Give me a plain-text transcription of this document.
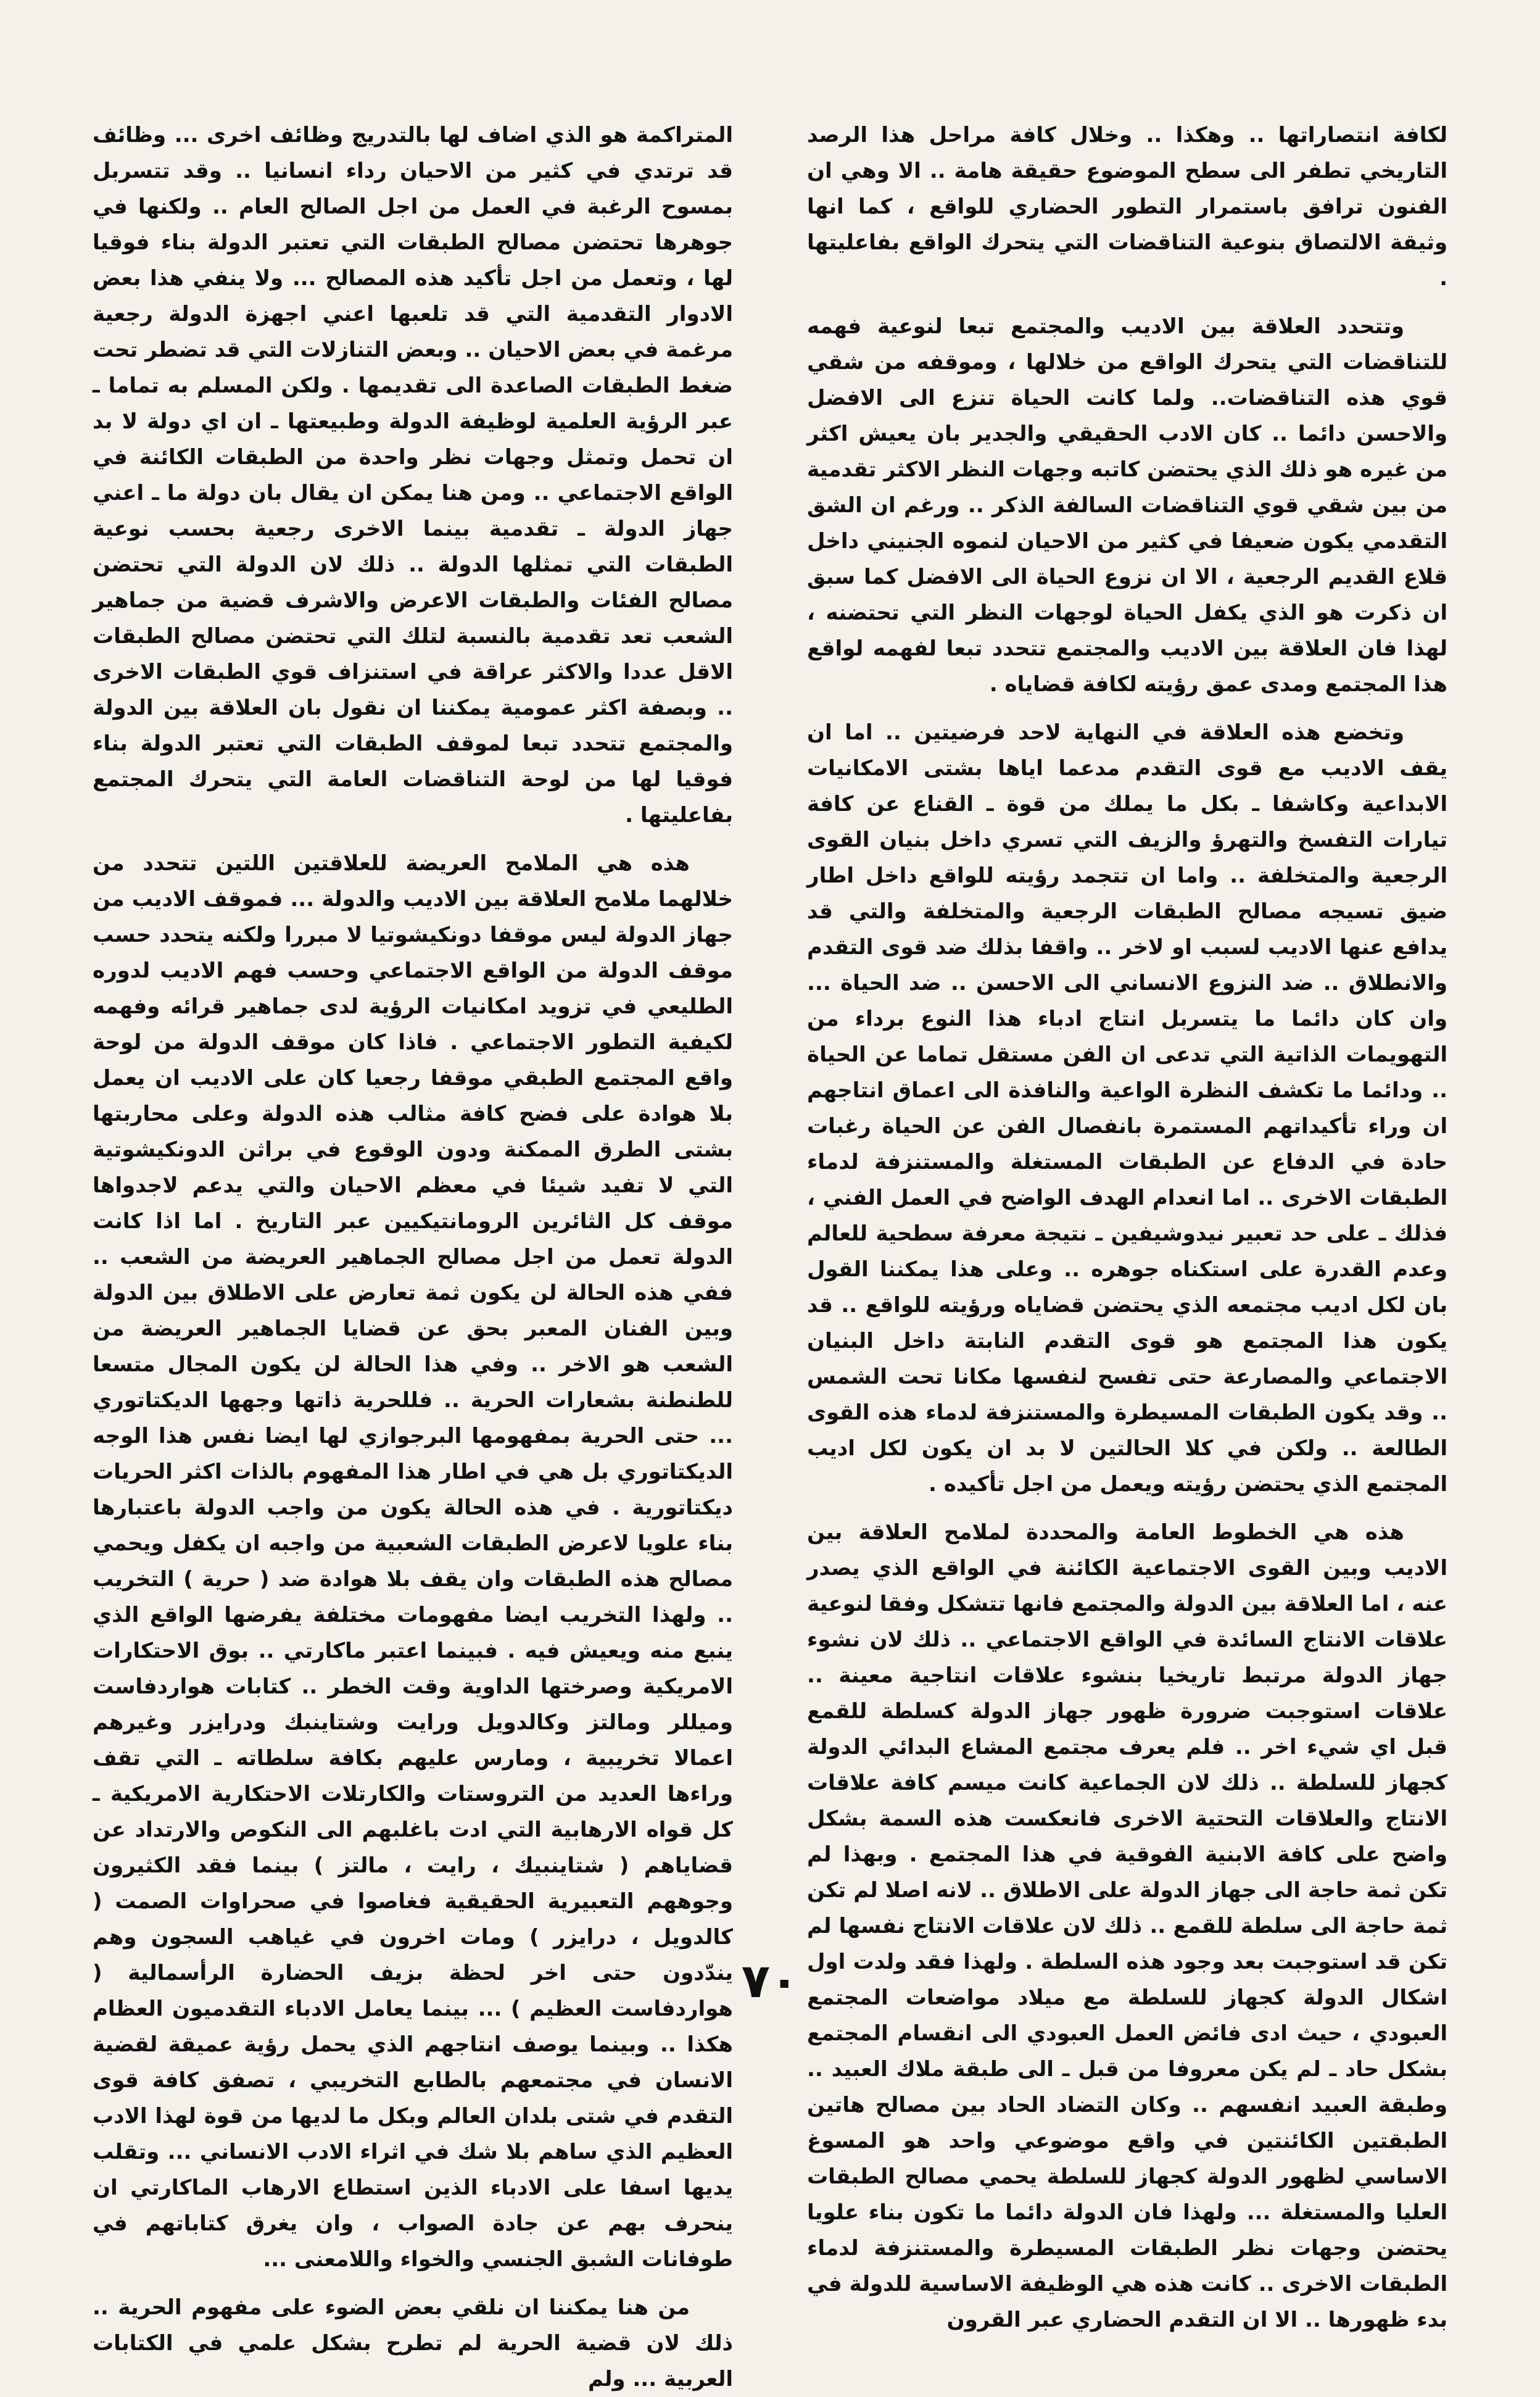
لكافة انتصاراتها .. وهكذا .. وخلال كافة مراحل هذا الرصد التاريخي تطفر الى سطح الموضوع حقيقة هامة .. الا وهي ان الفنون ترافق باستمرار التطور الحضاري للواقع ، كما انها وثيقة الالتصاق بنوعية التناقضات التي يتحرك الواقع بفاعليتها .

وتتحدد العلاقة بين الاديب والمجتمع تبعا لنوعية فهمه للتناقضات التي يتحرك الواقع من خلالها ، وموقفه من شقي قوي هذه التناقضات.. ولما كانت الحياة تنزع الى الافضل والاحسن دائما .. كان الادب الحقيقي والجدير بان يعيش اكثر من غيره هو ذلك الذي يحتضن كاتبه وجهات النظر الاكثر تقدمية من بين شقي قوي التناقضات السالفة الذكر .. ورغم ان الشق التقدمي يكون ضعيفا في كثير من الاحيان لنموه الجنيني داخل قلاع القديم الرجعية ، الا ان نزوع الحياة الى الافضل كما سبق ان ذكرت هو الذي يكفل الحياة لوجهات النظر التي تحتضنه ، لهذا فان العلاقة بين الاديب والمجتمع تتحدد تبعا لفهمه لواقع هذا المجتمع ومدى عمق رؤيته لكافة قضاياه .

وتخضع هذه العلاقة في النهاية لاحد فرضيتين .. اما ان يقف الاديب مع قوى التقدم مدعما اياها بشتى الامكانيات الابداعية وكاشفا ـ بكل ما يملك من قوة ـ القناع عن كافة تيارات التفسخ والتهرؤ والزيف التي تسري داخل بنيان القوى الرجعية والمتخلفة .. واما ان تتجمد رؤيته للواقع داخل اطار ضيق تسيجه مصالح الطبقات الرجعية والمتخلفة والتي قد يدافع عنها الاديب لسبب او لاخر .. واقفا بذلك ضد قوى التقدم والانطلاق .. ضد النزوع الانساني الى الاحسن .. ضد الحياة ... وان كان دائما ما يتسربل انتاج ادباء هذا النوع برداء من التهويمات الذاتية التي تدعى ان الفن مستقل تماما عن الحياة .. ودائما ما تكشف النظرة الواعية والنافذة الى اعماق انتاجهم ان وراء تأكيداتهم المستمرة بانفصال الفن عن الحياة رغبات حادة في الدفاع عن الطبقات المستغلة والمستنزفة لدماء الطبقات الاخرى .. اما انعدام الهدف الواضح في العمل الفني ، فذلك ـ على حد تعبير نيدوشيفين ـ نتيجة معرفة سطحية للعالم وعدم القدرة على استكناه جوهره .. وعلى هذا يمكننا القول بان لكل اديب مجتمعه الذي يحتضن قضاياه ورؤيته للواقع .. قد يكون هذا المجتمع هو قوى التقدم النابتة داخل البنيان الاجتماعي والمصارعة حتى تفسح لنفسها مكانا تحت الشمس .. وقد يكون الطبقات المسيطرة والمستنزفة لدماء هذه القوى الطالعة .. ولكن في كلا الحالتين لا بد ان يكون لكل اديب المجتمع الذي يحتضن رؤيته ويعمل من اجل تأكيده .

هذه هي الخطوط العامة والمحددة لملامح العلاقة بين الاديب وبين القوى الاجتماعية الكائنة في الواقع الذي يصدر عنه ، اما العلاقة بين الدولة والمجتمع فانها تتشكل وفقا لنوعية علاقات الانتاج السائدة في الواقع الاجتماعي .. ذلك لان نشوء جهاز الدولة مرتبط تاريخيا بنشوء علاقات انتاجية معينة .. علاقات استوجبت ضرورة ظهور جهاز الدولة كسلطة للقمع قبل اي شيء اخر .. فلم يعرف مجتمع المشاع البدائي الدولة كجهاز للسلطة .. ذلك لان الجماعية كانت ميسم كافة علاقات الانتاج والعلاقات التحتية الاخرى فانعكست هذه السمة بشكل واضح على كافة الابنية الفوقية في هذا المجتمع . وبهذا لم تكن ثمة حاجة الى جهاز الدولة على الاطلاق .. لانه اصلا لم تكن ثمة حاجة الى سلطة للقمع .. ذلك لان علاقات الانتاج نفسها لم تكن قد استوجبت بعد وجود هذه السلطة . ولهذا فقد ولدت اول اشكال الدولة كجهاز للسلطة مع ميلاد مواضعات المجتمع العبودي ، حيث ادى فائض العمل العبودي الى انقسام المجتمع بشكل حاد ـ لم يكن معروفا من قبل ـ الى طبقة ملاك العبيد .. وطبقة العبيد انفسهم .. وكان التضاد الحاد بين مصالح هاتين الطبقتين الكائنتين في واقع موضوعي واحد هو المسوغ الاساسي لظهور الدولة كجهاز للسلطة يحمي مصالح الطبقات العليا والمستغلة ... ولهذا فان الدولة دائما ما تكون بناء علويا يحتضن وجهات نظر الطبقات المسيطرة والمستنزفة لدماء الطبقات الاخرى .. كانت هذه هي الوظيفة الاساسية للدولة في بدء ظهورها .. الا ان التقدم الحضاري عبر القرون

المتراكمة هو الذي اضاف لها بالتدريج وظائف اخرى ... وظائف قد ترتدي في كثير من الاحيان رداء انسانيا .. وقد تتسربل بمسوح الرغبة في العمل من اجل الصالح العام .. ولكنها في جوهرها تحتضن مصالح الطبقات التي تعتبر الدولة بناء فوقيا لها ، وتعمل من اجل تأكيد هذه المصالح ... ولا ينفي هذا بعض الادوار التقدمية التي قد تلعبها اعني اجهزة الدولة رجعية مرغمة في بعض الاحيان .. وبعض التنازلات التي قد تضطر تحت ضغط الطبقات الصاعدة الى تقديمها . ولكن المسلم به تماما ـ عبر الرؤية العلمية لوظيفة الدولة وطبيعتها ـ ان اي دولة لا بد ان تحمل وتمثل وجهات نظر واحدة من الطبقات الكائنة في الواقع الاجتماعي .. ومن هنا يمكن ان يقال بان دولة ما ـ اعني جهاز الدولة ـ تقدمية بينما الاخرى رجعية بحسب نوعية الطبقات التي تمثلها الدولة .. ذلك لان الدولة التي تحتضن مصالح الفئات والطبقات الاعرض والاشرف قضية من جماهير الشعب تعد تقدمية بالنسبة لتلك التي تحتضن مصالح الطبقات الاقل عددا والاكثر عراقة في استنزاف قوي الطبقات الاخرى .. وبصفة اكثر عمومية يمكننا ان نقول بان العلاقة بين الدولة والمجتمع تتحدد تبعا لموقف الطبقات التي تعتبر الدولة بناء فوقيا لها من لوحة التناقضات العامة التي يتحرك المجتمع بفاعليتها .

هذه هي الملامح العريضة للعلاقتين اللتين تتحدد من خلالهما ملامح العلاقة بين الاديب والدولة ... فموقف الاديب من جهاز الدولة ليس موقفا دونكيشوتيا لا مبررا ولكنه يتحدد حسب موقف الدولة من الواقع الاجتماعي وحسب فهم الاديب لدوره الطليعي في تزويد امكانيات الرؤية لدى جماهير قرائه وفهمه لكيفية التطور الاجتماعي . فاذا كان موقف الدولة من لوحة واقع المجتمع الطبقي موقفا رجعيا كان على الاديب ان يعمل بلا هوادة على فضح كافة مثالب هذه الدولة وعلى محاربتها بشتى الطرق الممكنة ودون الوقوع في براثن الدونكيشوتية التي لا تفيد شيئا في معظم الاحيان والتي يدعم لاجدواها موقف كل الثائرين الرومانتيكيين عبر التاريخ . اما اذا كانت الدولة تعمل من اجل مصالح الجماهير العريضة من الشعب .. ففي هذه الحالة لن يكون ثمة تعارض على الاطلاق بين الدولة وبين الفنان المعبر بحق عن قضايا الجماهير العريضة من الشعب هو الاخر .. وفي هذا الحالة لن يكون المجال متسعا للطنطنة بشعارات الحرية .. فللحرية ذاتها وجهها الديكتاتوري ... حتى الحرية بمفهومها البرجوازي لها ايضا نفس هذا الوجه الديكتاتوري بل هي في اطار هذا المفهوم بالذات اكثر الحريات ديكتاتورية . في هذه الحالة يكون من واجب الدولة باعتبارها بناء علويا لاعرض الطبقات الشعبية من واجبه ان يكفل ويحمي مصالح هذه الطبقات وان يقف بلا هوادة ضد ( حرية ) التخريب .. ولهذا التخريب ايضا مفهومات مختلفة يفرضها الواقع الذي ينبع منه ويعيش فيه . فبينما اعتبر ماكارتي .. بوق الاحتكارات الامريكية وصرختها الداوية وقت الخطر .. كتابات هواردفاست وميللر ومالتز وكالدويل ورايت وشتاينبك ودرايزر وغيرهم اعمالا تخريبية ، ومارس عليهم بكافة سلطاته ـ التي تقف وراءها العديد من التروستات والكارتلات الاحتكارية الامريكية ـ كل قواه الارهابية التي ادت باغلبهم الى النكوص والارتداد عن قضاياهم ( شتاينبيك ، رايت ، مالتز ) بينما فقد الكثيرون وجوههم التعبيرية الحقيقية فغاصوا في صحراوات الصمت ( كالدويل ، درايزر ) ومات اخرون في غياهب السجون وهم يندّدون حتى اخر لحظة بزيف الحضارة الرأسمالية ( هواردفاست العظيم ) ... بينما يعامل الادباء التقدميون العظام هكذا .. وبينما يوصف انتاجهم الذي يحمل رؤية عميقة لقضية الانسان في مجتمعهم بالطابع التخريبي ، تصفق كافة قوى التقدم في شتى بلدان العالم وبكل ما لديها من قوة لهذا الادب العظيم الذي ساهم بلا شك في اثراء الادب الانساني ... وتقلب يديها اسفا على الادباء الذين استطاع الارهاب الماكارتي ان ينحرف بهم عن جادة الصواب ، وان يغرق كتاباتهم في طوفانات الشبق الجنسي والخواء واللامعنى ...

من هنا يمكننا ان نلقي بعض الضوء على مفهوم الحرية .. ذلك لان قضية الحرية لم تطرح بشكل علمي في الكتابات العربية ... ولم

٧٠
